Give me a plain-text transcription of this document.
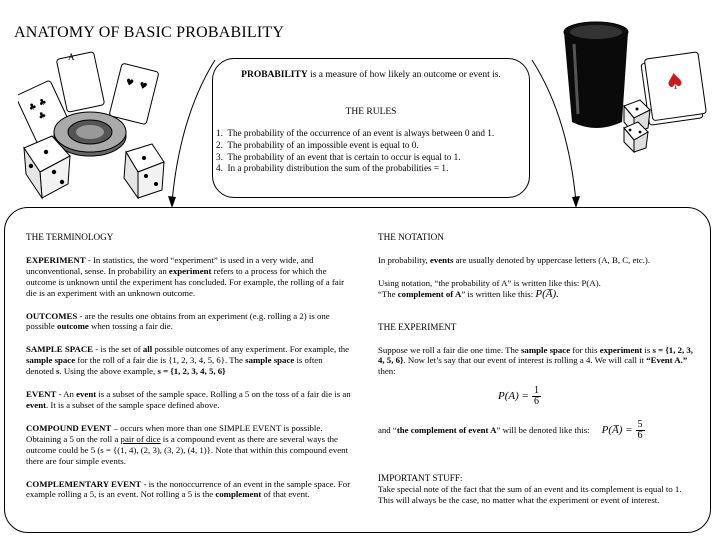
ANATOMY OF BASIC PROBABILITY
♣
♣
♣
♥ ♥
A
♠
PROBABILITY is a measure of how likely an outcome or event is.
THE RULES
1. The probability of the occurrence of an event is always between 0 and 1.
2. The probability of an impossible event is equal to 0.
3. The probability of an event that is certain to occur is equal to 1.
4. In a probability distribution the sum of the probabilities = 1.

THE TERMINOLOGY

EXPERIMENT - In statistics, the word “experiment” is used in a very wide, and unconventional, sense. In probability an experiment refers to a process for which the outcome is unknown until the experiment has concluded. For example, the rolling of a fair die is an experiment with an unknown outcome.

OUTCOMES - are the results one obtains from an experiment (e.g. rolling a 2) is one possible outcome when tossing a fair die.

SAMPLE SPACE - is the set of all possible outcomes of any experiment. For example, the sample space for the roll of a fair die is {1, 2, 3, 4, 5, 6}. The sample space is often denoted s. Using the above example, s = {1, 2, 3, 4, 5, 6}

EVENT - An event is a subset of the sample space. Rolling a 5 on the toss of a fair die is an event. It is a subset of the sample space defined above.

COMPOUND EVENT – occurs when more than one SIMPLE EVENT is possible. Obtaining a 5 on the roll a pair of dice is a compound event as there are several ways the outcome could be 5 (s = {(1, 4), (2, 3), (3, 2), (4, 1)}. Note that within this compound event there are four simple events.

COMPLEMENTARY EVENT - is the nonoccurrence of an event in the sample space. For example rolling a 5, is an event. Not rolling a 5 is the complement of that event.

THE NOTATION

In probability, events are usually denoted by uppercase letters (A, B, C, etc.).

Using notation, “the probability of A” is written like this: P(A).

“The complement of A” is written like this: P(A̅).

THE EXPERIMENT

Suppose we roll a fair die one time. The sample space for this experiment is s = {1, 2, 3, 4, 5, 6}. Now let’s say that our event of interest is rolling a 4. We will call it “Event A.” then:

$P(A) = \frac{1}{6}$
and “the complement of event A” will be denoted like this: P(A̅) = $\frac{5}{6}$

IMPORTANT STUFF:

Take special note of the fact that the sum of an event and its complement is equal to 1. This will always be the case, no matter what the experiment or event of interest.
